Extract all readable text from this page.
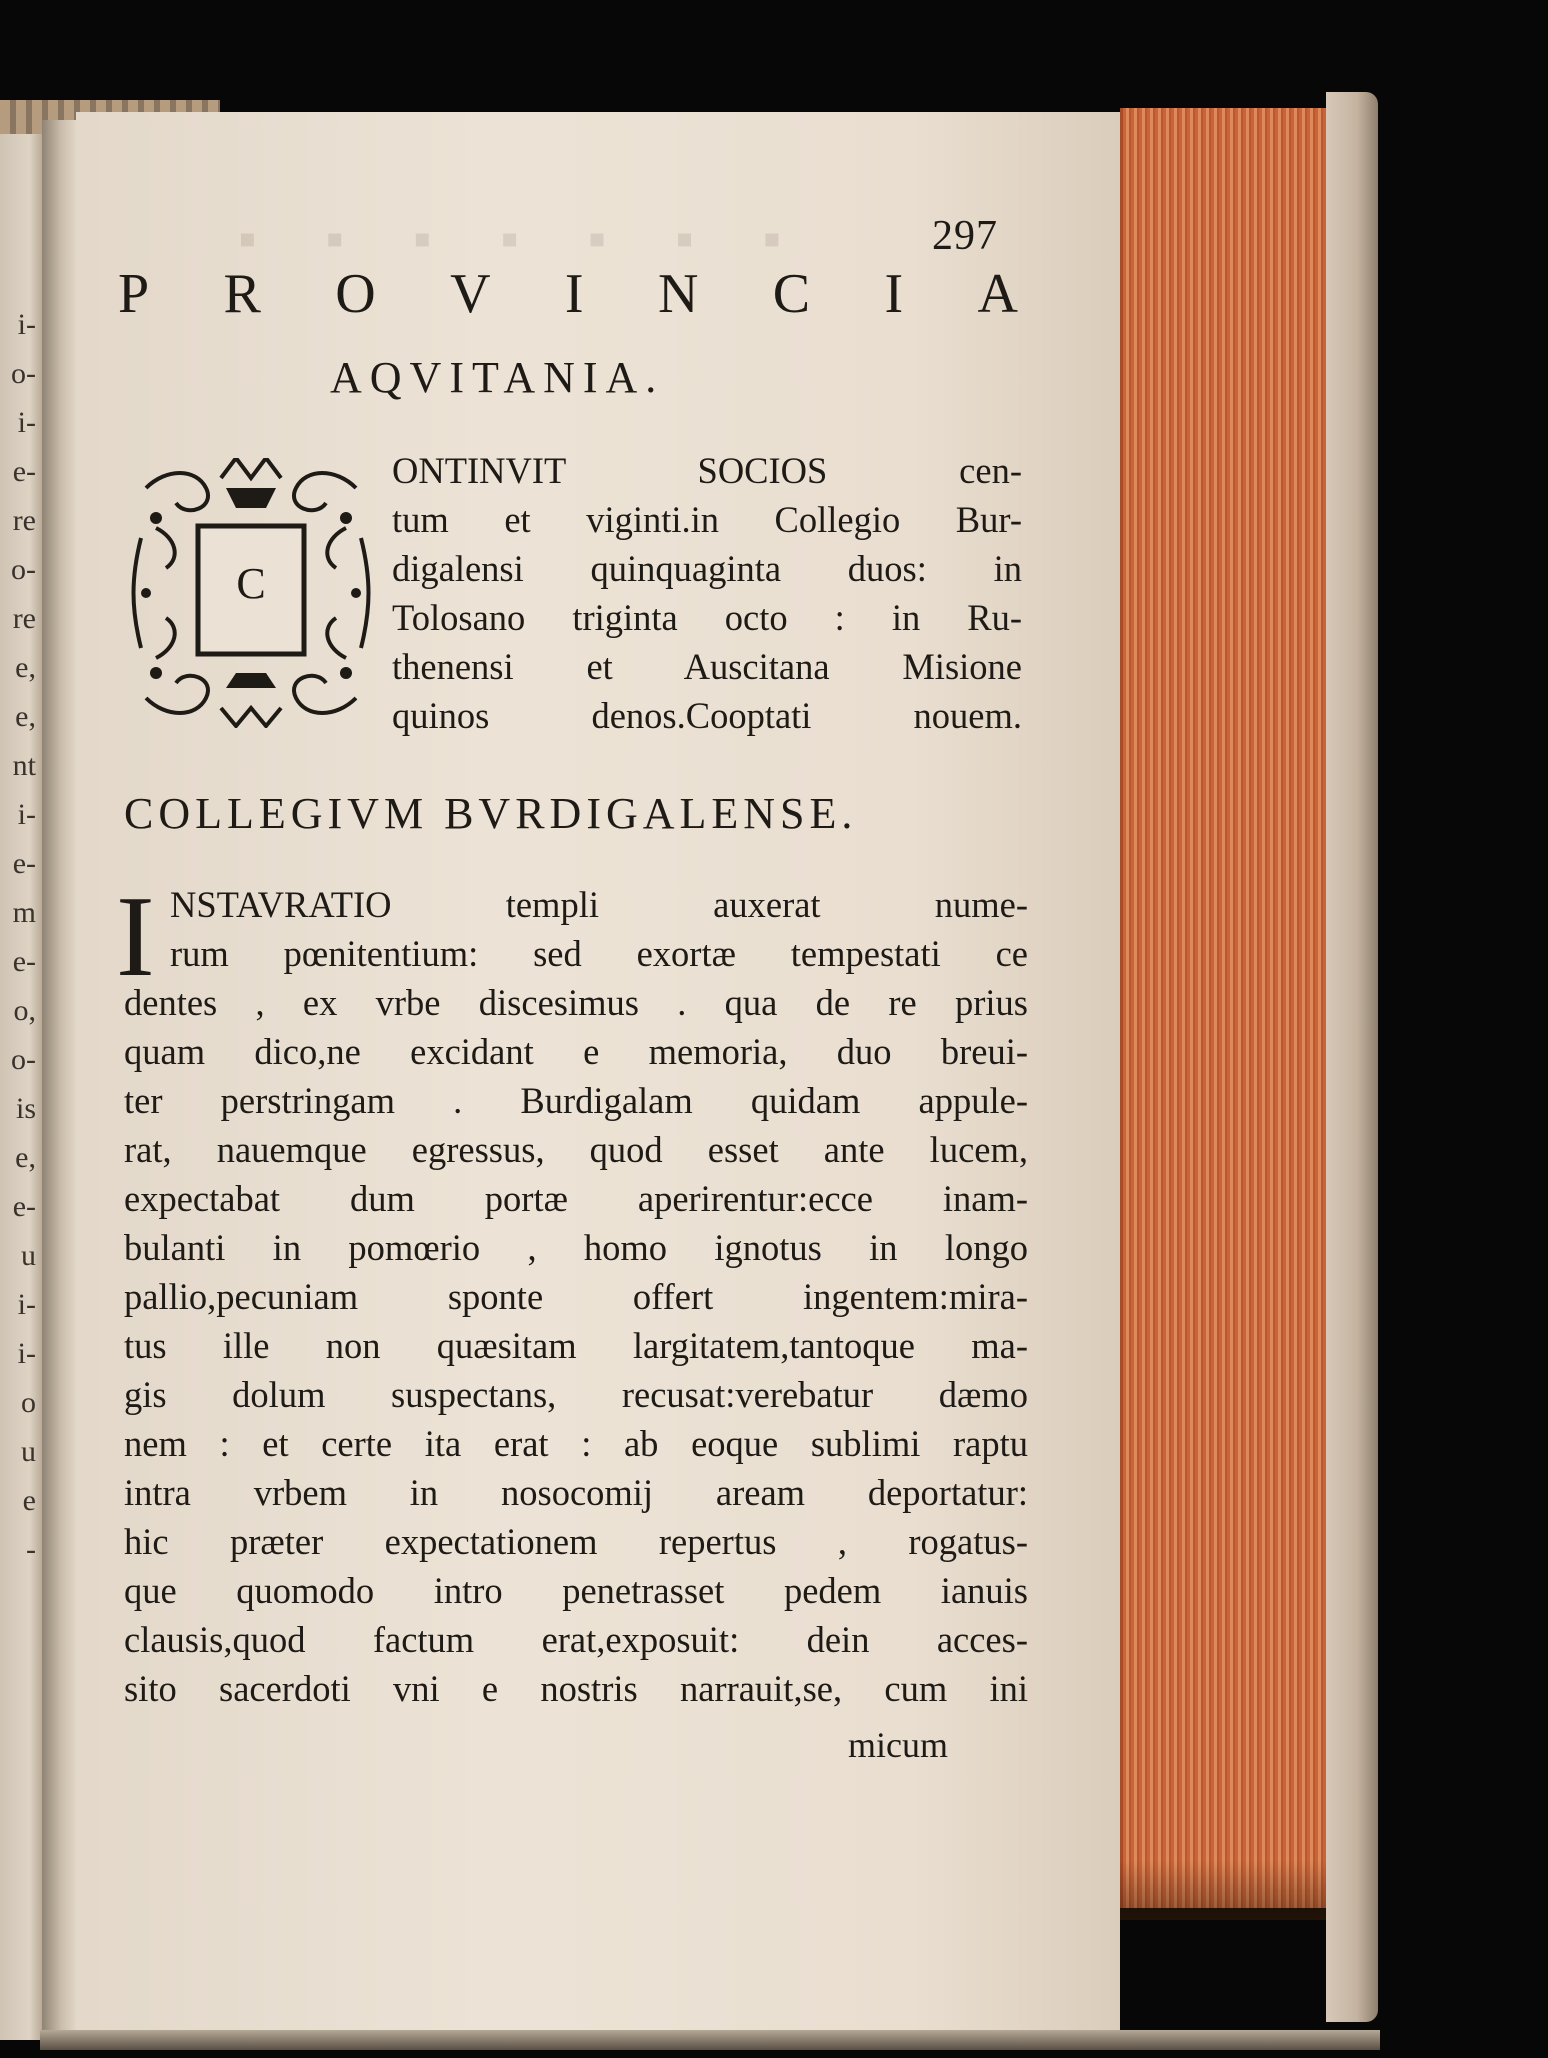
i-
o-
i-
e-
re
o-
re
e,
e,
nt
i-
e-
m
e-
o,
o-
is
e,
e-
u
i-
i-
o
u
e
-
▪ ▪ ▪ ▪ ▪ ▪ ▪	297
P R O V I N C I A
AQVITANIA.
C
ONTINVIT SOCIOS cen-
tum et viginti.in Collegio Bur-
digalensi quinquaginta duos: in
Tolosano triginta octo : in Ru-
thenensi et Auscitana Misione
quinos denos.Cooptati nouem.
COLLEGIVM BVRDIGALENSE.
I NSTAVRATIO templi auxerat nume-
rum pœnitentium: sed exortæ tempestati ce
dentes , ex vrbe discesimus . qua de re prius
quam dico,ne excidant e memoria, duo breui-
ter perstringam . Burdigalam quidam appule-
rat, nauemque egressus, quod esset ante lucem,
expectabat dum portæ aperirentur:ecce inam-
bulanti in pomœrio , homo ignotus in longo
pallio,pecuniam sponte offert ingentem:mira-
tus ille non quæsitam largitatem,tantoque ma-
gis dolum suspectans, recusat:verebatur dæmo
nem : et certe ita erat : ab eoque sublimi raptu
intra vrbem in nosocomij aream deportatur:
hic præter expectationem repertus , rogatus-
que quomodo intro penetrasset pedem ianuis
clausis,quod factum erat,exposuit: dein acces-
sito sacerdoti vni e nostris narrauit,se, cum ini
micum
